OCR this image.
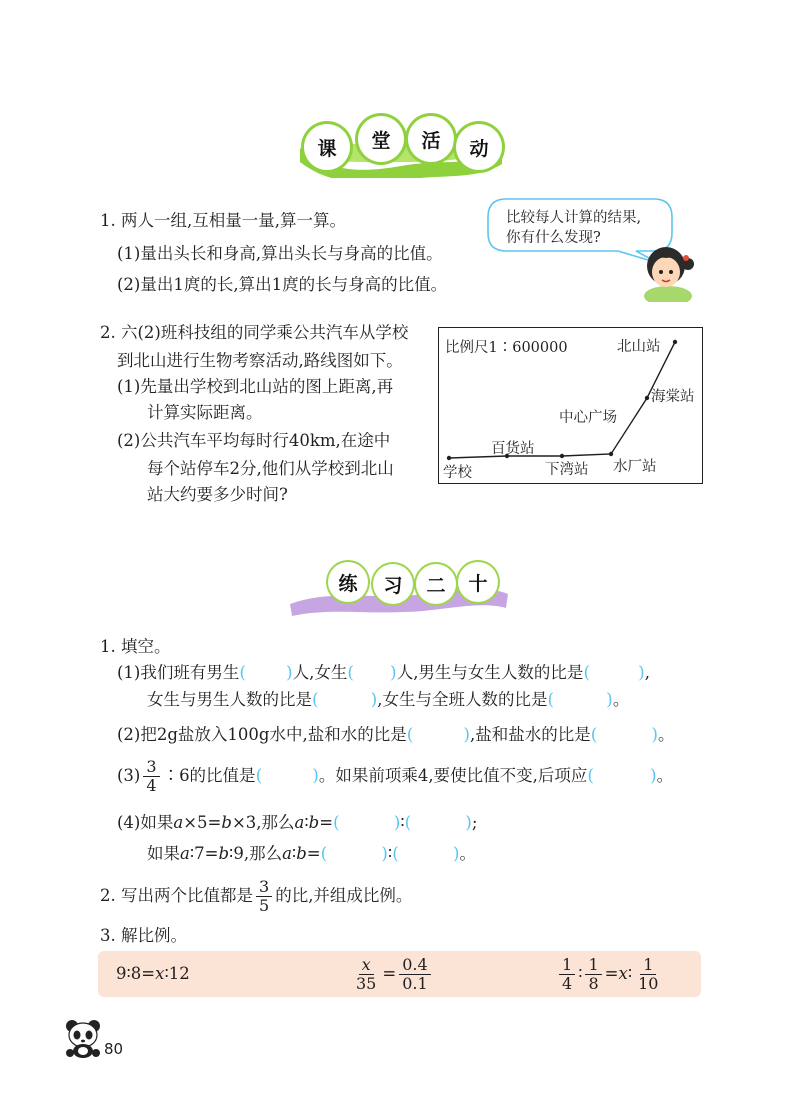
课 堂 活 动
1. 两人一组,互相量一量,算一算。
(1)量出头长和身高,算出头长与身高的比值。
(2)量出1庹的长,算出1庹的长与身高的比值。
比较每人计算的结果,
你有什么发现?
2. 六(2)班科技组的同学乘公共汽车从学校
到北山进行生物考察活动,路线图如下。
(1)先量出学校到北山站的图上距离,再
计算实际距离。
(2)公共汽车平均每时行40km,在途中
每个站停车2分,他们从学校到北山
站大约要多少时间?
比例尺1∶600000	北山站
海棠站
中心广场
百货站
水厂站
下湾站
学校
练 习 二 十
1. 填空。
(1)我们班有男生( )人,女生( )人,男生与女生人数的比是(	),
女生与男生人数的比是(	),女生与全班人数的比是(	)。
(2)把2g盐放入100g水中,盐和水的比是(	),盐和盐水的比是(	)。
$(3) \frac{3}{4}$ ∶6的比值是(	)。如果前项乘4,要使比值不变,后项应(	)。
(4)如果a×5=b×3,那么a∶b=(	)∶(	);
如果a∶7=b∶9,那么a∶b=(	)∶(	)。
2. 写出两个比值都是 $\frac{3}{5}$ 的比,并组成比例。
3. 解比例。
9∶8=x∶12	$\frac{x}{35} = \frac{0.4}{0.1}$	$\frac{1}{4}$ ∶ $\frac{1}{8}$ =x∶ $\frac{1}{10}$
80
